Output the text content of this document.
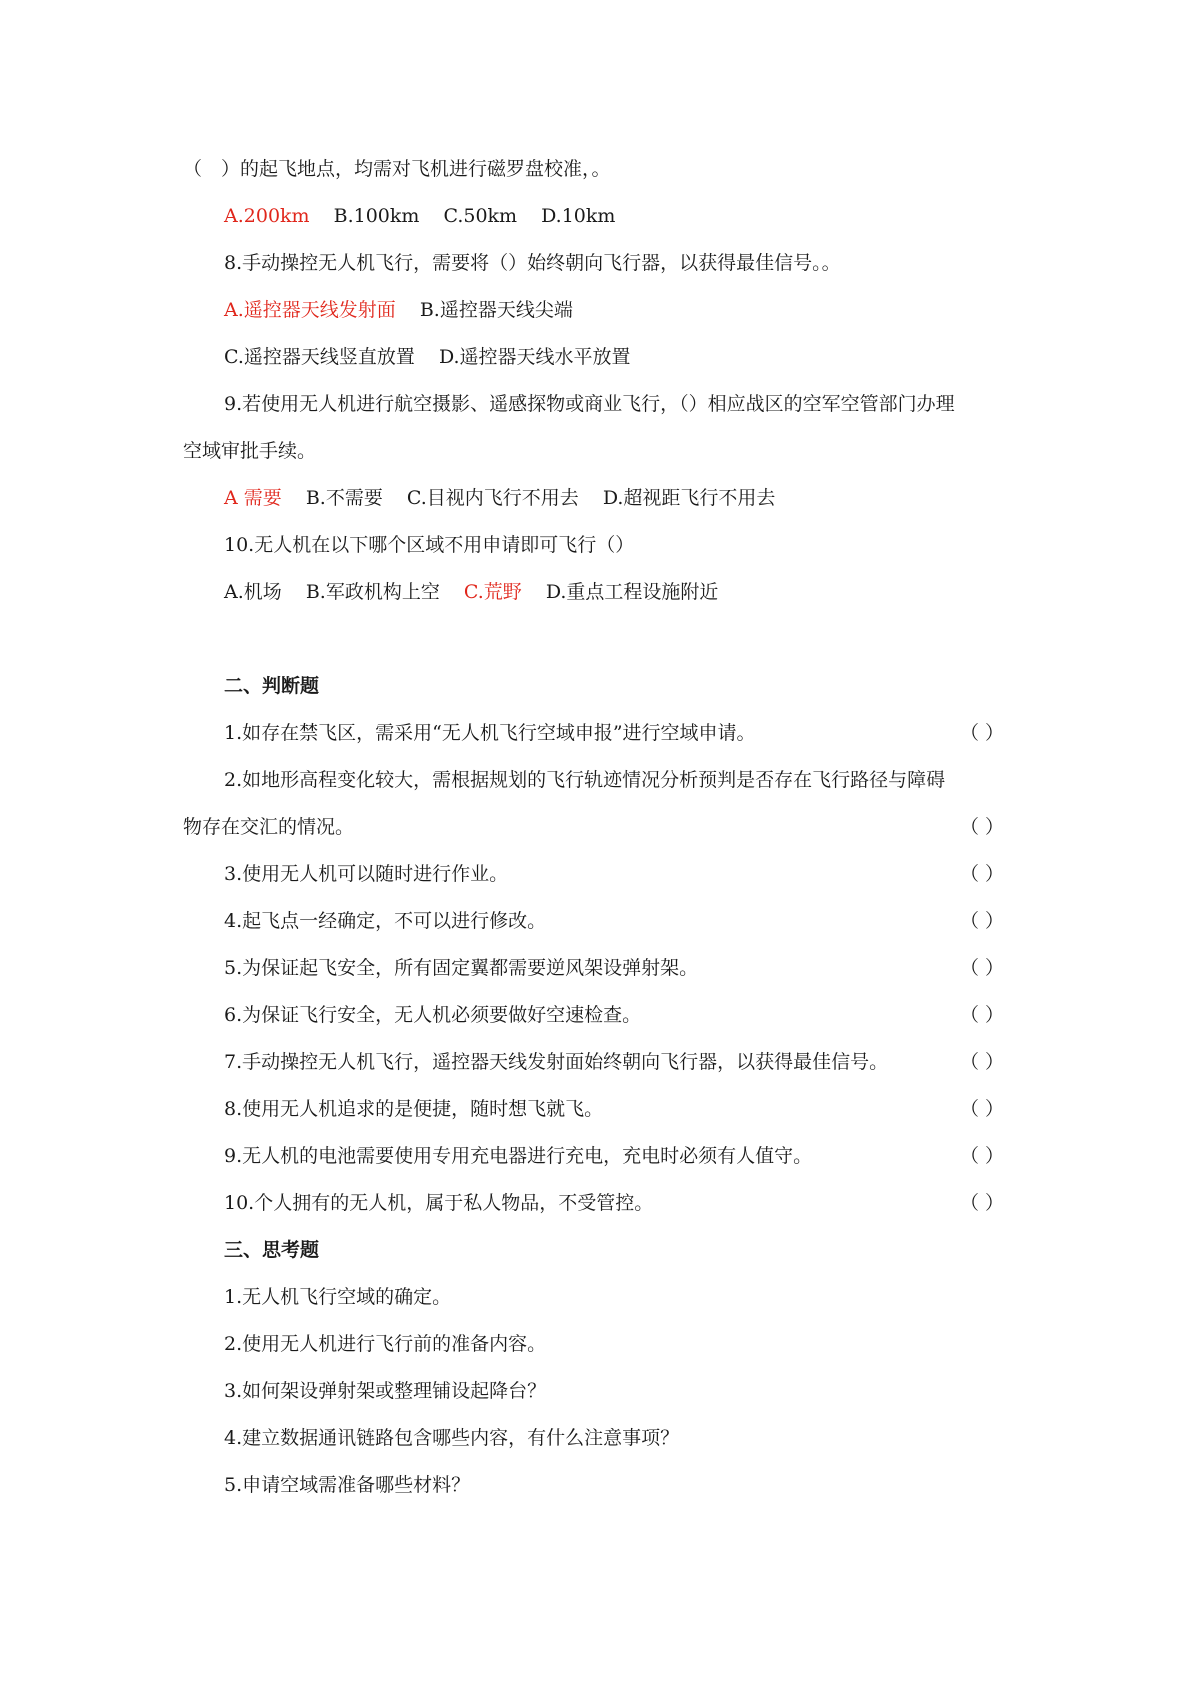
（　）的起飞地点，均需对飞机进行磁罗盘校准，。
A.200km B.100km C.50km D.10km
8.手动操控无人机飞行，需要将（）始终朝向飞行器，以获得最佳信号。。
A.遥控器天线发射面 B.遥控器天线尖端
C.遥控器天线竖直放置 D.遥控器天线水平放置
9.若使用无人机进行航空摄影、遥感探物或商业飞行，（）相应战区的空军空管部门办理
空域审批手续。
A 需要 B.不需要 C.目视内飞行不用去 D.超视距飞行不用去
10.无人机在以下哪个区域不用申请即可飞行（）
A.机场 B.军政机构上空 C.荒野 D.重点工程设施附近
二、判断题
1.如存在禁飞区，需采用“无人机飞行空域申报”进行空域申请。	（ ）
2.如地形高程变化较大，需根据规划的飞行轨迹情况分析预判是否存在飞行路径与障碍
物存在交汇的情况。	（ ）
3.使用无人机可以随时进行作业。	（ ）
4.起飞点一经确定，不可以进行修改。	（ ）
5.为保证起飞安全，所有固定翼都需要逆风架设弹射架。	（ ）
6.为保证飞行安全，无人机必须要做好空速检查。	（ ）
7.手动操控无人机飞行，遥控器天线发射面始终朝向飞行器，以获得最佳信号。	（ ）
8.使用无人机追求的是便捷，随时想飞就飞。	（ ）
9.无人机的电池需要使用专用充电器进行充电，充电时必须有人值守。	（ ）
10.个人拥有的无人机，属于私人物品，不受管控。	（ ）
三、思考题
1.无人机飞行空域的确定。
2.使用无人机进行飞行前的准备内容。
3.如何架设弹射架或整理铺设起降台？
4.建立数据通讯链路包含哪些内容，有什么注意事项？
5.申请空域需准备哪些材料？
